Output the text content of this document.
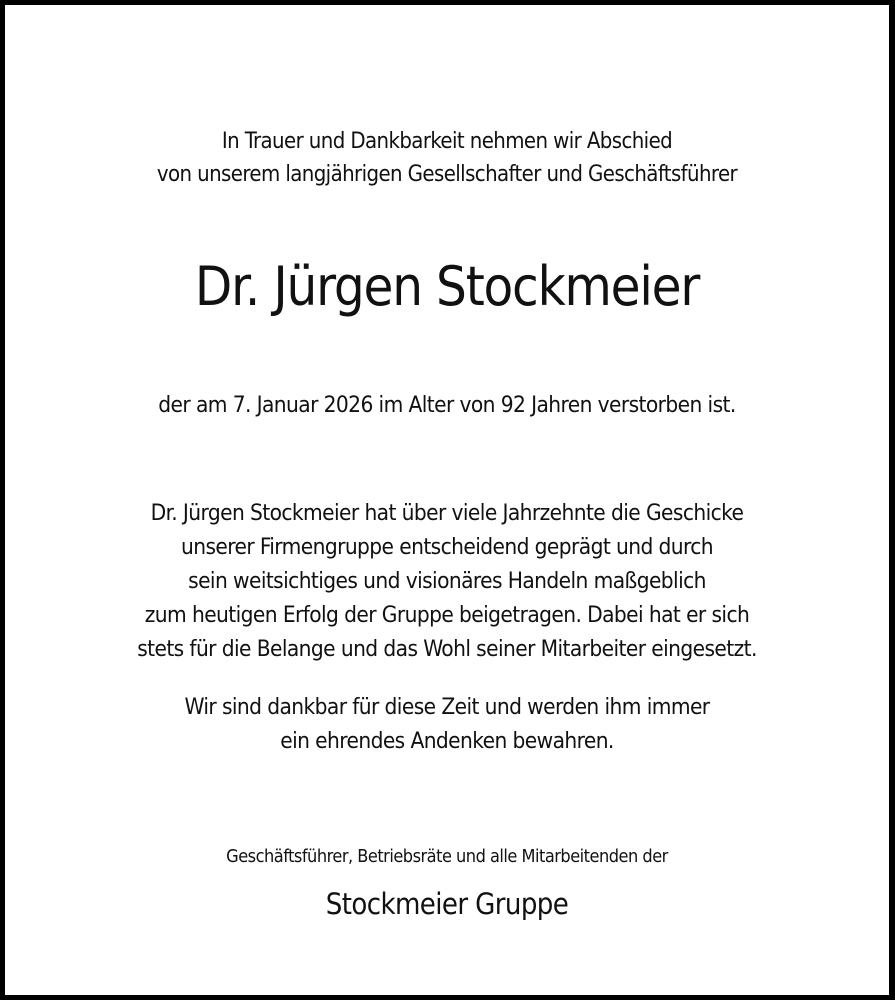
In Trauer und Dankbarkeit nehmen wir Abschied
von unserem langjährigen Gesellschafter und Geschäftsführer
Dr. Jürgen Stockmeier
der am 7. Januar 2026 im Alter von 92 Jahren verstorben ist.
Dr. Jürgen Stockmeier hat über viele Jahrzehnte die Geschicke
unserer Firmengruppe entscheidend geprägt und durch
sein weitsichtiges und visionäres Handeln maßgeblich
zum heutigen Erfolg der Gruppe beigetragen. Dabei hat er sich
stets für die Belange und das Wohl seiner Mitarbeiter eingesetzt.
Wir sind dankbar für diese Zeit und werden ihm immer
ein ehrendes Andenken bewahren.
Geschäftsführer, Betriebsräte und alle Mitarbeitenden der
Stockmeier Gruppe
